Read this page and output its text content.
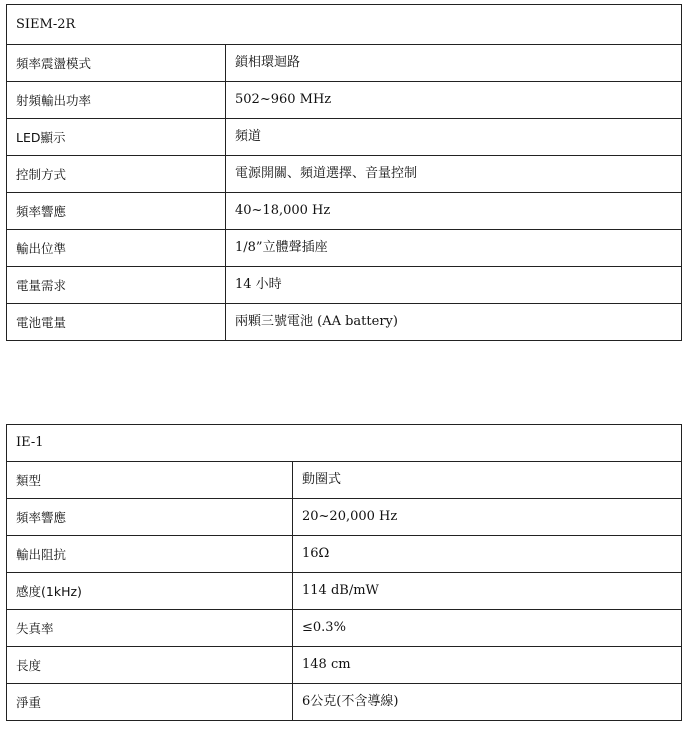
SIEM-2R	
頻率震盪模式	鎖相環迴路
射頻輸出功率	502~960 MHz
LED顯示	頻道
控制方式	電源開關、頻道選擇、音量控制
頻率響應	40~18,000 Hz
輸出位準	1/8”立體聲插座
電量需求	14 小時
電池電量	兩顆三號電池 (AA battery)
IE-1	
類型	動圈式
頻率響應	20~20,000 Hz
輸出阻抗	16Ω
感度(1kHz)	114 dB/mW
失真率	≤0.3%
長度	148 cm
淨重	6公克(不含導線)
